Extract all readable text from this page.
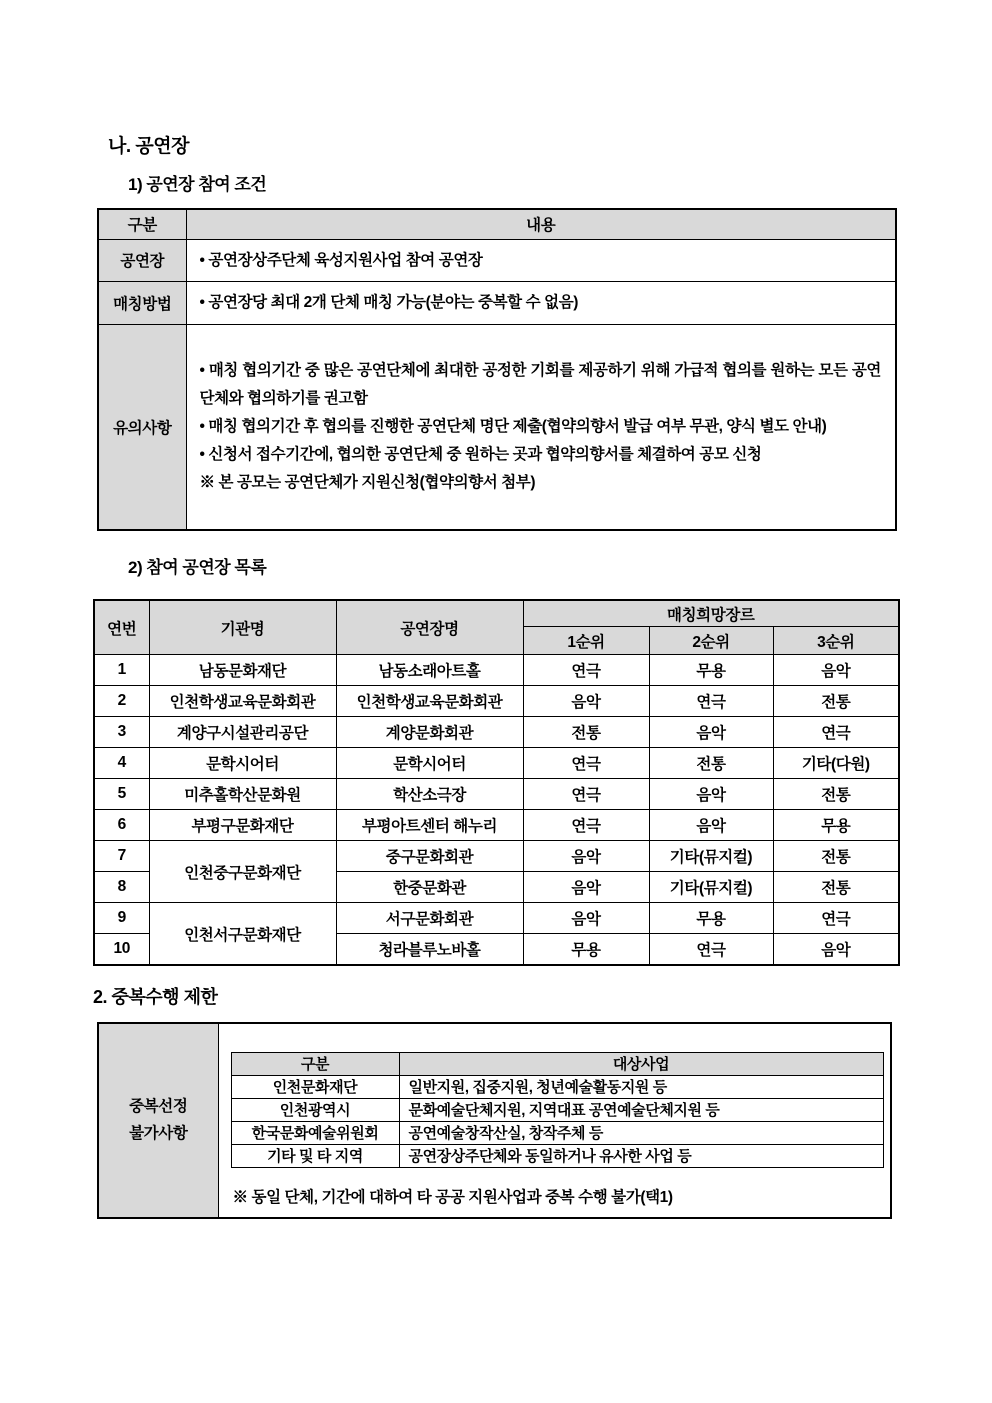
나. 공연장
1) 공연장 참여 조건
구분	내용
공연장	• 공연장상주단체 육성지원사업 참여 공연장

매칭방법	• 공연장당 최대 2개 단체 매칭 가능(분야는 중복할 수 없음)

유의사항	• 매칭 협의기간 중 많은 공연단체에 최대한 공정한 기회를 제공하기 위해 가급적 협의를 원하는 모든 공연단체와 협의하기를 권고함
• 매칭 협의기간 후 협의를 진행한 공연단체 명단 제출(협약의향서 발급 여부 무관, 양식 별도 안내)
• 신청서 접수기간에, 협의한 공연단체 중 원하는 곳과 협약의향서를 체결하여 공모 신청
※ 본 공모는 공연단체가 지원신청(협약의향서 첨부)
2) 참여 공연장 목록
연번	기관명	공연장명	매칭희망장르		
			1순위	2순위	3순위
1	남동문화재단	남동소래아트홀	연극	무용	음악
2	인천학생교육문화회관	인천학생교육문화회관	음악	연극	전통
3	계양구시설관리공단	계양문화회관	전통	음악	연극
4	문학시어터	문학시어터	연극	전통	기타(다원)
5	미추홀학산문화원	학산소극장	연극	음악	전통
6	부평구문화재단	부평아트센터 해누리	연극	음악	무용
7	인천중구문화재단	중구문화회관	음악	기타(뮤지컬)	전통
8		한중문화관	음악	기타(뮤지컬)	전통
9	인천서구문화재단	서구문화회관	음악	무용	연극
10		청라블루노바홀	무용	연극	음악
2. 중복수행 제한
중복선정
불가사항

구분	대상사업
인천문화재단	일반지원, 집중지원, 청년예술활동지원 등
인천광역시	문화예술단체지원, 지역대표 공연예술단체지원 등
한국문화예술위원회	공연예술창작산실, 창작주체 등
기타 및 타 지역	공연장상주단체와 동일하거나 유사한 사업 등
※ 동일 단체, 기간에 대하여 타 공공 지원사업과 중복 수행 불가(택1)
